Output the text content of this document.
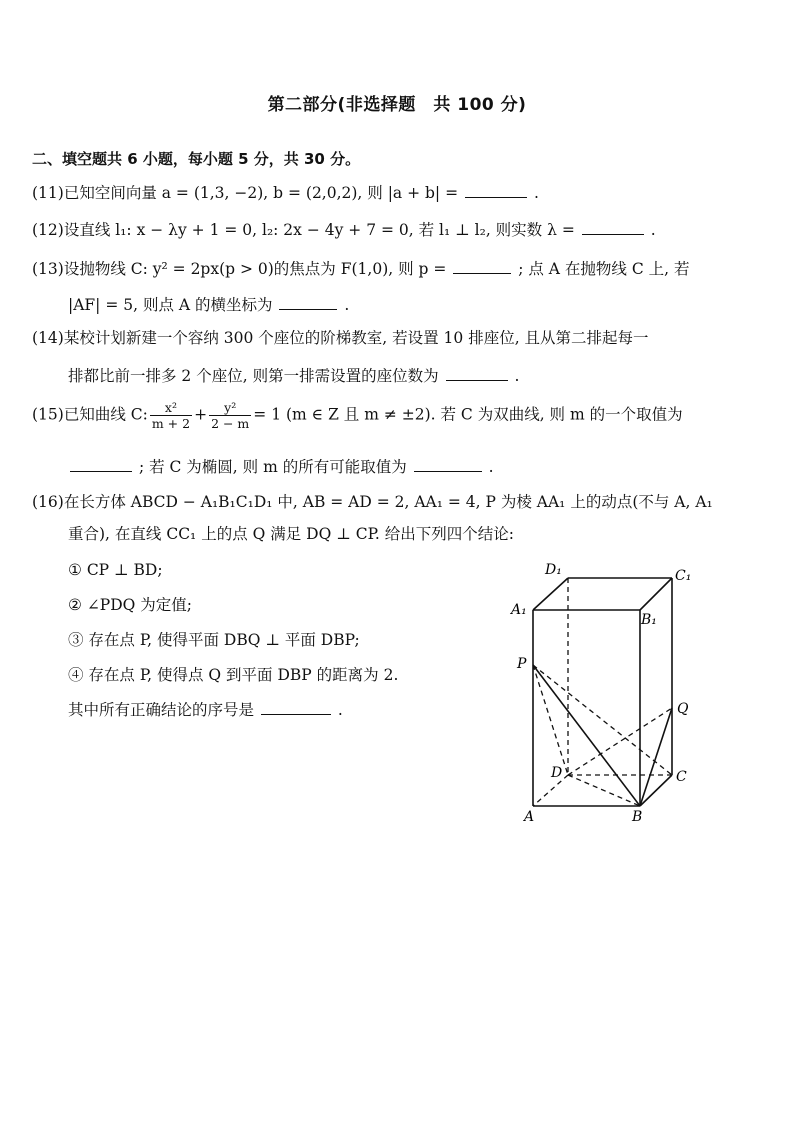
第二部分(非选择题　共 100 分)
二、填空题共 6 小题，每小题 5 分，共 30 分。
(11)已知空间向量 a = (1,3, −2), b = (2,0,2), 则 |a + b| =	.
(12)设直线 l₁: x − λy + 1 = 0, l₂: 2x − 4y + 7 = 0, 若 l₁ ⊥ l₂, 则实数 λ =	.
(13)设抛物线 C: y² = 2px(p > 0)的焦点为 F(1,0), 则 p =	; 点 A 在抛物线 C 上, 若
|AF| = 5, 则点 A 的横坐标为	.
(14)某校计划新建一个容纳 300 个座位的阶梯教室, 若设置 10 排座位, 且从第二排起每一
排都比前一排多 2 个座位, 则第一排需设置的座位数为	.
(15)已知曲线 C: $\frac{\text{x²}}{m + 2} + \frac{\text{y²}}{2 - m} = 1$ (m ∈ Z 且 m ≠ ±2). 若 C 为双曲线, 则 m 的一个取值为
; 若 C 为椭圆, 则 m 的所有可能取值为	.
(16)在长方体 ABCD − A₁B₁C₁D₁ 中, AB = AD = 2, AA₁ = 4, P 为棱 AA₁ 上的动点(不与 A, A₁
重合), 在直线 CC₁ 上的点 Q 满足 DQ ⊥ CP. 给出下列四个结论:
① CP ⊥ BD;
② ∠PDQ 为定值;
③ 存在点 P, 使得平面 DBQ ⊥ 平面 DBP;
④ 存在点 P, 使得点 Q 到平面 DBP 的距离为 2.
其中所有正确结论的序号是	.
D₁	C₁
A₁
B₁
P
Q
D	C
A	B
